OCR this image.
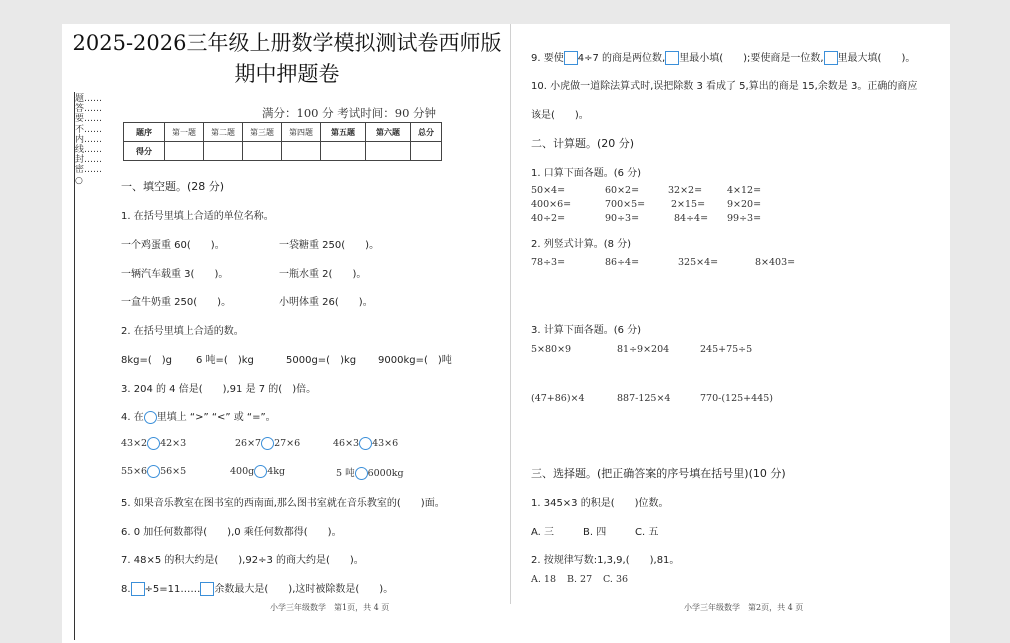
题……答……要……不……内……线……封……密……○
2025-2026三年级上册数学模拟测试卷西师版
期中押题卷
满分：100 分 考试时间：90 分钟
题序	第一题	第二题	第三题	第四题	第五题	第六题	总分
得分							
一、填空题。(28 分)
1. 在括号里填上合适的单位名称。
一个鸡蛋重 60(　　)。	一袋糖重 250(　　)。
一辆汽车载重 3(　　)。	一瓶水重 2(　　)。
一盒牛奶重 250(　　)。	小明体重 26(　　)。
2. 在括号里填上合适的数。
8kg=(　)g 6 吨=(　)kg	5000g=(　)kg 9000kg=(　)吨
3. 204 的 4 倍是(　　),91 是 7 的(　)倍。
4. 在 里填上 “>” “<” 或 “=”。
43×2 42×3	26×7 27×6	46×3 43×6
55×6 56×5	400g 4kg	5 吨 6000kg
5. 如果音乐教室在图书室的西南面,那么图书室就在音乐教室的(　　)面。
6. 0 加任何数都得(　　),0 乘任何数都得(　　)。
7. 48×5 的积大约是(　　),92÷3 的商大约是(　　)。
8. ÷5=11…… 余数最大是(　　),这时被除数是(　　)。
小学三年级数学　第1页，共 4 页
9. 要使 4÷7 的商是两位数, 里最小填(　　);要使商是一位数, 里最大填(　　)。
10. 小虎做一道除法算式时,误把除数 3 看成了 5,算出的商是 15,余数是 3。正确的商应
该是(　　)。
二、计算题。(20 分)
1. 口算下面各题。(6 分)
50×4=	60×2=	32×2=	4×12=
400×6=	700×5=	2×15= 9×20=
40÷2=	90÷3=	84÷4= 99÷3=
2. 列竖式计算。(8 分)
78÷3=	86÷4=	325×4=	8×403=
3. 计算下面各题。(6 分)
5×80×9	81÷9×204	245+75÷5
(47+86)×4	887-125×4	770-(125+445)
三、选择题。(把正确答案的序号填在括号里)(10 分)
1. 345×3 的积是(　　)位数。
A. 三	B. 四	C. 五
2. 按规律写数:1,3,9,(　　),81。
A. 18 B. 27 C. 36
小学三年级数学　第2页，共 4 页
